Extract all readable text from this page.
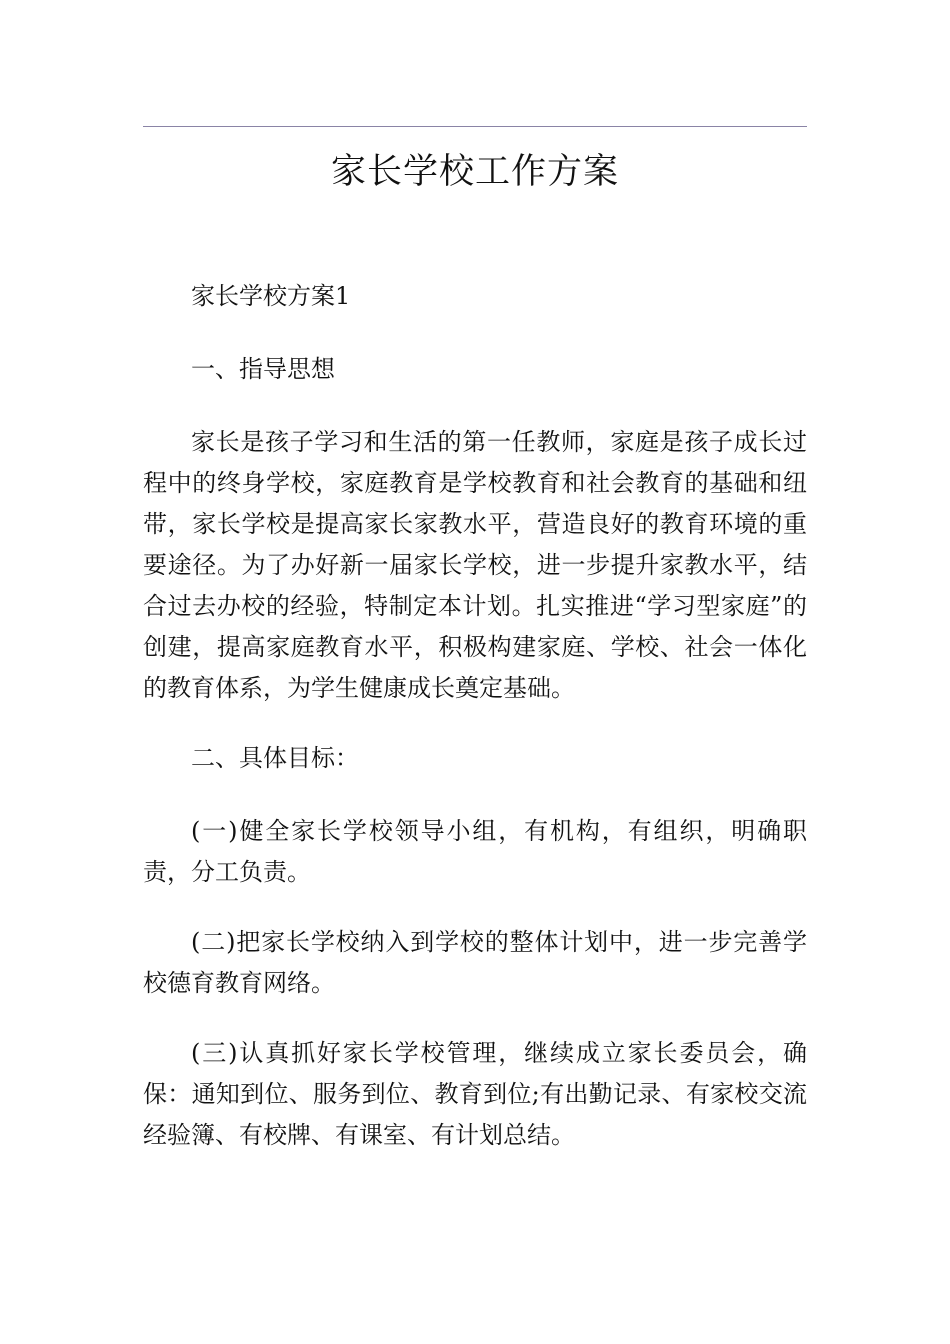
家长学校工作方案

家长学校方案1

一、指导思想

家长是孩子学习和生活的第一任教师，家庭是孩子成长过程中的终身学校，家庭教育是学校教育和社会教育的基础和纽带，家长学校是提高家长家教水平，营造良好的教育环境的重要途径。为了办好新一届家长学校，进一步提升家教水平，结合过去办校的经验，特制定本计划。扎实推进“学习型家庭”的创建，提高家庭教育水平，积极构建家庭、学校、社会一体化的教育体系，为学生健康成长奠定基础。

二、具体目标：

(一)健全家长学校领导小组，有机构，有组织，明确职责，分工负责。

(二)把家长学校纳入到学校的整体计划中，进一步完善学校德育教育网络。

(三)认真抓好家长学校管理，继续成立家长委员会，确保：通知到位、服务到位、教育到位;有出勤记录、有家校交流经验簿、有校牌、有课室、有计划总结。
